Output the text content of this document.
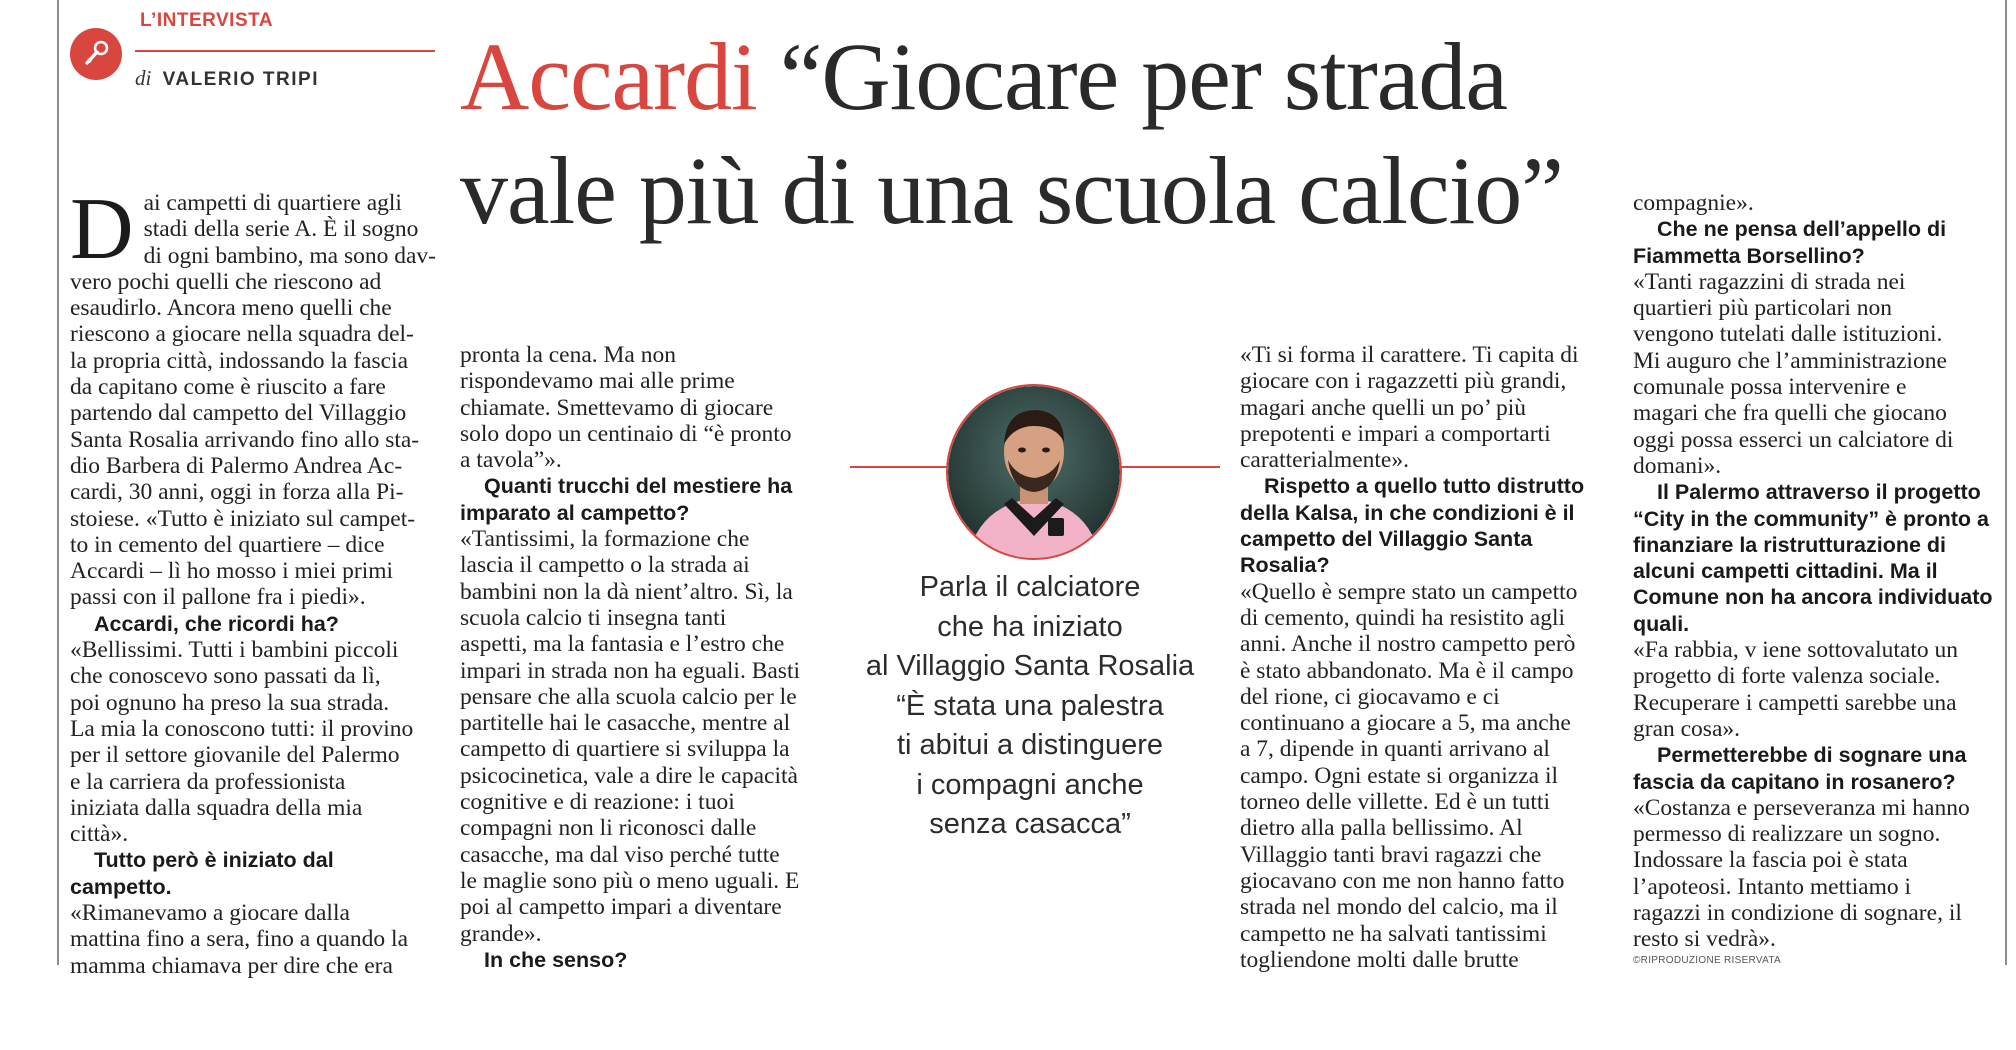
L’INTERVISTA
di VALERIO TRIPI Accardi “Giocare per strada
vale più di una scuola calcio”
D ai campetti di quartiere agli

stadi della serie A. È il sogno

di ogni bambino, ma sono dav-

vero pochi quelli che riescono ad

esaudirlo. Ancora meno quelli che

riescono a giocare nella squadra del-

la propria città, indossando la fascia

da capitano come è riuscito a fare

partendo dal campetto del Villaggio

Santa Rosalia arrivando fino allo sta-

dio Barbera di Palermo Andrea Ac-

cardi, 30 anni, oggi in forza alla Pi-

stoiese. «Tutto è iniziato sul campet-

to in cemento del quartiere – dice

Accardi – lì ho mosso i miei primi

passi con il pallone fra i piedi».

Accardi, che ricordi ha?

«Bellissimi. Tutti i bambini piccoli

che conoscevo sono passati da lì,

poi ognuno ha preso la sua strada.

La mia la conoscono tutti: il provino

per il settore giovanile del Palermo

e la carriera da professionista

iniziata dalla squadra della mia

città».

Tutto però è iniziato dal

campetto.

«Rimanevamo a giocare dalla

mattina fino a sera, fino a quando la

mamma chiamava per dire che era

pronta la cena. Ma non

rispondevamo mai alle prime

chiamate. Smettevamo di giocare

solo dopo un centinaio di “è pronto

a tavola”».

Quanti trucchi del mestiere ha

imparato al campetto?

«Tantissimi, la formazione che

lascia il campetto o la strada ai

bambini non la dà nient’altro. Sì, la

scuola calcio ti insegna tanti

aspetti, ma la fantasia e l’estro che

impari in strada non ha eguali. Basti

pensare che alla scuola calcio per le

partitelle hai le casacche, mentre al

campetto di quartiere si sviluppa la

psicocinetica, vale a dire le capacità

cognitive e di reazione: i tuoi

compagni non li riconosci dalle

casacche, ma dal viso perché tutte

le maglie sono più o meno uguali. E

poi al campetto impari a diventare

grande».

In che senso?

Parla il calciatore
che ha iniziato
al Villaggio Santa Rosalia
“È stata una palestra
ti abitui a distinguere
i compagni anche
senza casacca”

«Ti si forma il carattere. Ti capita di

giocare con i ragazzetti più grandi,

magari anche quelli un po’ più

prepotenti e impari a comportarti

caratterialmente».

Rispetto a quello tutto distrutto

della Kalsa, in che condizioni è il

campetto del Villaggio Santa

Rosalia?

«Quello è sempre stato un campetto

di cemento, quindi ha resistito agli

anni. Anche il nostro campetto però

è stato abbandonato. Ma è il campo

del rione, ci giocavamo e ci

continuano a giocare a 5, ma anche

a 7, dipende in quanti arrivano al

campo. Ogni estate si organizza il

torneo delle villette. Ed è un tutti

dietro alla palla bellissimo. Al

Villaggio tanti bravi ragazzi che

giocavano con me non hanno fatto

strada nel mondo del calcio, ma il

campetto ne ha salvati tantissimi

togliendone molti dalle brutte

compagnie».

Che ne pensa dell’appello di

Fiammetta Borsellino?

«Tanti ragazzini di strada nei

quartieri più particolari non

vengono tutelati dalle istituzioni.

Mi auguro che l’amministrazione

comunale possa intervenire e

magari che fra quelli che giocano

oggi possa esserci un calciatore di

domani».

Il Palermo attraverso il progetto

“City in the community” è pronto a

finanziare la ristrutturazione di

alcuni campetti cittadini. Ma il

Comune non ha ancora individuato

quali.

«Fa rabbia, v iene sottovalutato un

progetto di forte valenza sociale.

Recuperare i campetti sarebbe una

gran cosa».

Permetterebbe di sognare una

fascia da capitano in rosanero?

«Costanza e perseveranza mi hanno

permesso di realizzare un sogno.

Indossare la fascia poi è stata

l’apoteosi. Intanto mettiamo i

ragazzi in condizione di sognare, il

resto si vedrà».

©RIPRODUZIONE RISERVATA
